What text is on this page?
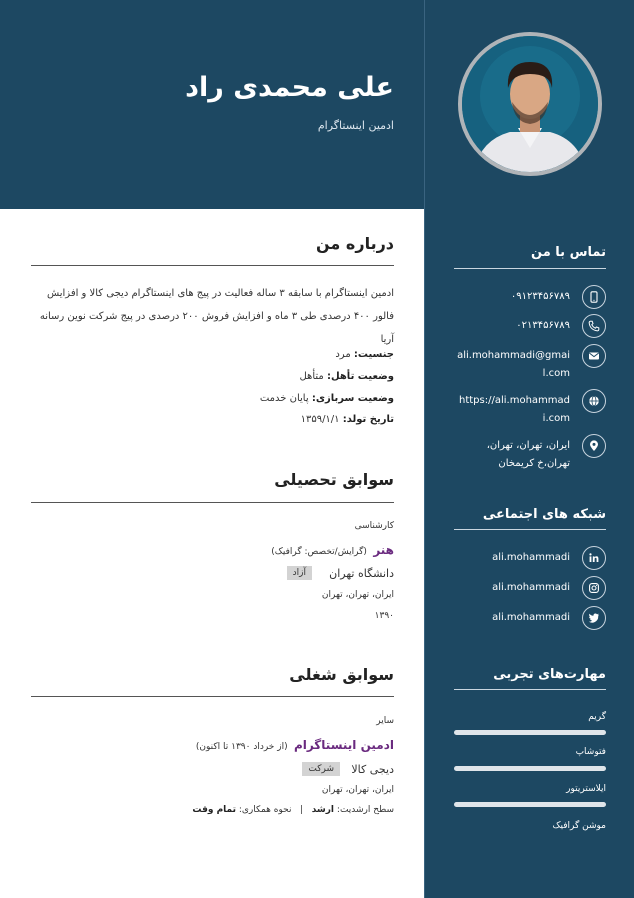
علی محمدی راد
ادمین اینستاگرام
درباره من
ادمین اینستاگرام با سابقه ۳ ساله فعالیت در پیج های اینستاگرام دیجی کالا و افزایش فالور ۴۰۰ درصدی طی ۳ ماه و افزایش فروش ۲۰۰ درصدی در پیج شرکت نوین رسانه آریا
جنسیت: مرد
وضعیت تأهل: متأهل
وضعیت سربازی: پایان خدمت
تاریخ تولد: ۱۳۵۹/۱/۱
سوابق تحصیلی
کارشناسی
هنر  (گرایش/تخصص: گرافیک)
دانشگاه تهران
آزاد
ایران، تهران، تهران
۱۳۹۰
سوابق شغلی
سایر
ادمین اینستاگرام  (از خرداد ۱۳۹۰ تا اکنون)
دیجی کالا
شرکت
ایران، تهران، تهران
سطح ارشدیت: ارشد   |   نحوه همکاری: تمام وقت
تماس با من
۰۹۱۲۳۴۵۶۷۸۹
۰۲۱۳۴۵۶۷۸۹
ali.mohammadi@gmai
l.com
https://ali.mohammad
i.com
ایران، تهران، تهران،
تهران،خ کریمخان
شبکه های اجتماعی
ali.mohammadi
ali.mohammadi
ali.mohammadi
مهارت‌های تجربی
گریم
فتوشاپ
ایلاستریتور
موشن گرافیک
